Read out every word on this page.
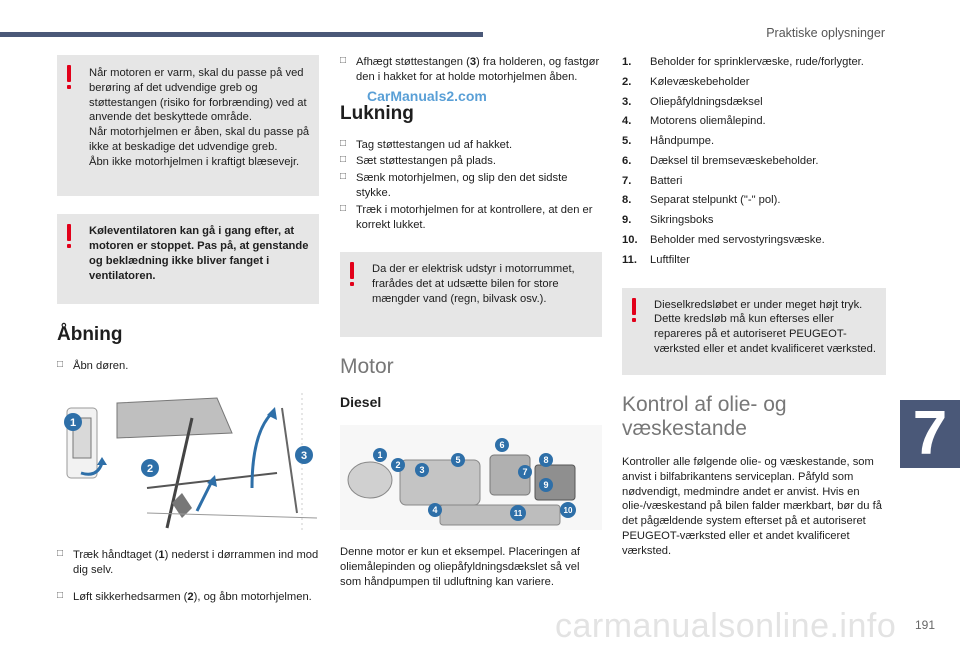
Praktiske oplysninger
7
CarManuals2.com
carmanualsonline.info 191

Når motoren er varm, skal du passe på ved berøring af det udvendige greb og støttestangen (risiko for forbrænding) ved at anvende det beskyttede område.
Når motorhjelmen er åben, skal du passe på ikke at beskadige det udvendige greb.
Åbn ikke motorhjelmen i kraftigt blæsevejr.

Køleventilatoren kan gå i gang efter, at motoren er stoppet. Pas på, at genstande og beklædning ikke bliver fanget i ventilatoren.

Åbning
□ Åbn døren.
1
2
3
□ Træk håndtaget (1) nederst i dørrammen ind mod dig selv.
□ Løft sikkerhedsarmen (2), og åbn motorhjelmen.
□ Afhægt støttestangen (3) fra holderen, og fastgør den i hakket for at holde motorhjelmen åben.
Lukning
□ Tag støttestangen ud af hakket.
□ Sæt støttestangen på plads.
□ Sænk motorhjelmen, og slip den det sidste stykke.
□ Træk i motorhjelmen for at kontrollere, at den er korrekt lukket.

Da der er elektrisk udstyr i motorrummet, frarådes det at udsætte bilen for store mængder vand (regn, bilvask osv.).

Motor
Diesel
1
2 3
4
5
6
7
8
9
10
11

Denne motor er kun et eksempel. Placeringen af oliemålepinden og oliepåfyldningsdækslet så vel som håndpumpen til udluftning kan variere.

1. Beholder for sprinklervæske, rude/forlygter.
2. Kølevæskebeholder
3. Oliepåfyldningsdæksel
4. Motorens oliemålepind.
5. Håndpumpe.
6. Dæksel til bremsevæskebeholder.
7. Batteri
8. Separat stelpunkt ("-" pol).
9. Sikringsboks
10. Beholder med servostyringsvæske.
11. Luftfilter

Dieselkredsløbet er under meget højt tryk. Dette kredsløb må kun efterses eller repareres på et autoriseret PEUGEOT-værksted eller et andet kvalificeret værksted.

Kontrol af olie- og væskestande

Kontroller alle følgende olie- og væskestande, som anvist i bilfabrikantens serviceplan. Påfyld som nødvendigt, medmindre andet er anvist. Hvis en olie-/væskestand på bilen falder mærkbart, bør du få det pågældende system efterset på et autoriseret PEUGEOT-værksted eller et andet kvalificeret værksted.
